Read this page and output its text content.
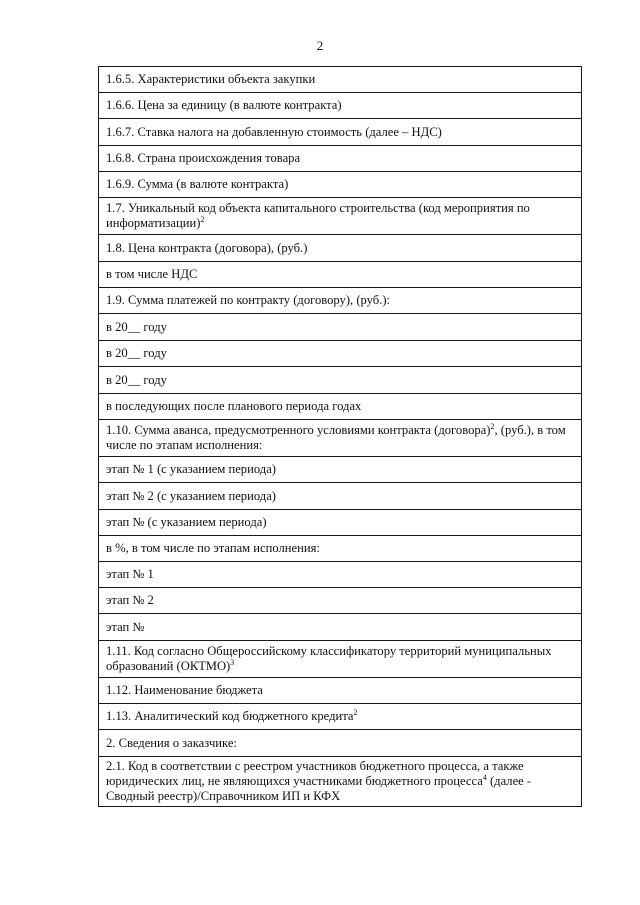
2
1.6.5. Характеристики объекта закупки
1.6.6. Цена за единицу (в валюте контракта)
1.6.7. Ставка налога на добавленную стоимость (далее – НДС)
1.6.8. Страна происхождения товара
1.6.9. Сумма (в валюте контракта)
1.7. Уникальный код объекта капитального строительства (код мероприятия по информатизации)$^2$
1.8. Цена контракта (договора), (руб.)
в том числе НДС
1.9. Сумма платежей по контракту (договору), (руб.):
в 20__ году
в 20__ году
в 20__ году
в последующих после планового периода годах
1.10. Сумма аванса, предусмотренного условиями контракта (договора)$^2$, (руб.), в том числе по этапам исполнения:
этап № 1 (с указанием периода)
этап № 2 (с указанием периода)
этап № (с указанием периода)
в %, в том числе по этапам исполнения:
этап № 1
этап № 2
этап №
1.11. Код согласно Общероссийскому классификатору территорий муниципальных образований (ОКТМО)$^3$
1.12. Наименование бюджета
1.13. Аналитический код бюджетного кредита$^2$
2. Сведения о заказчике:
2.1. Код в соответствии с реестром участников бюджетного процесса, а также юридических лиц, не являющихся участниками бюджетного процесса$^4$ (далее - Сводный реестр)/Справочником ИП и КФХ
